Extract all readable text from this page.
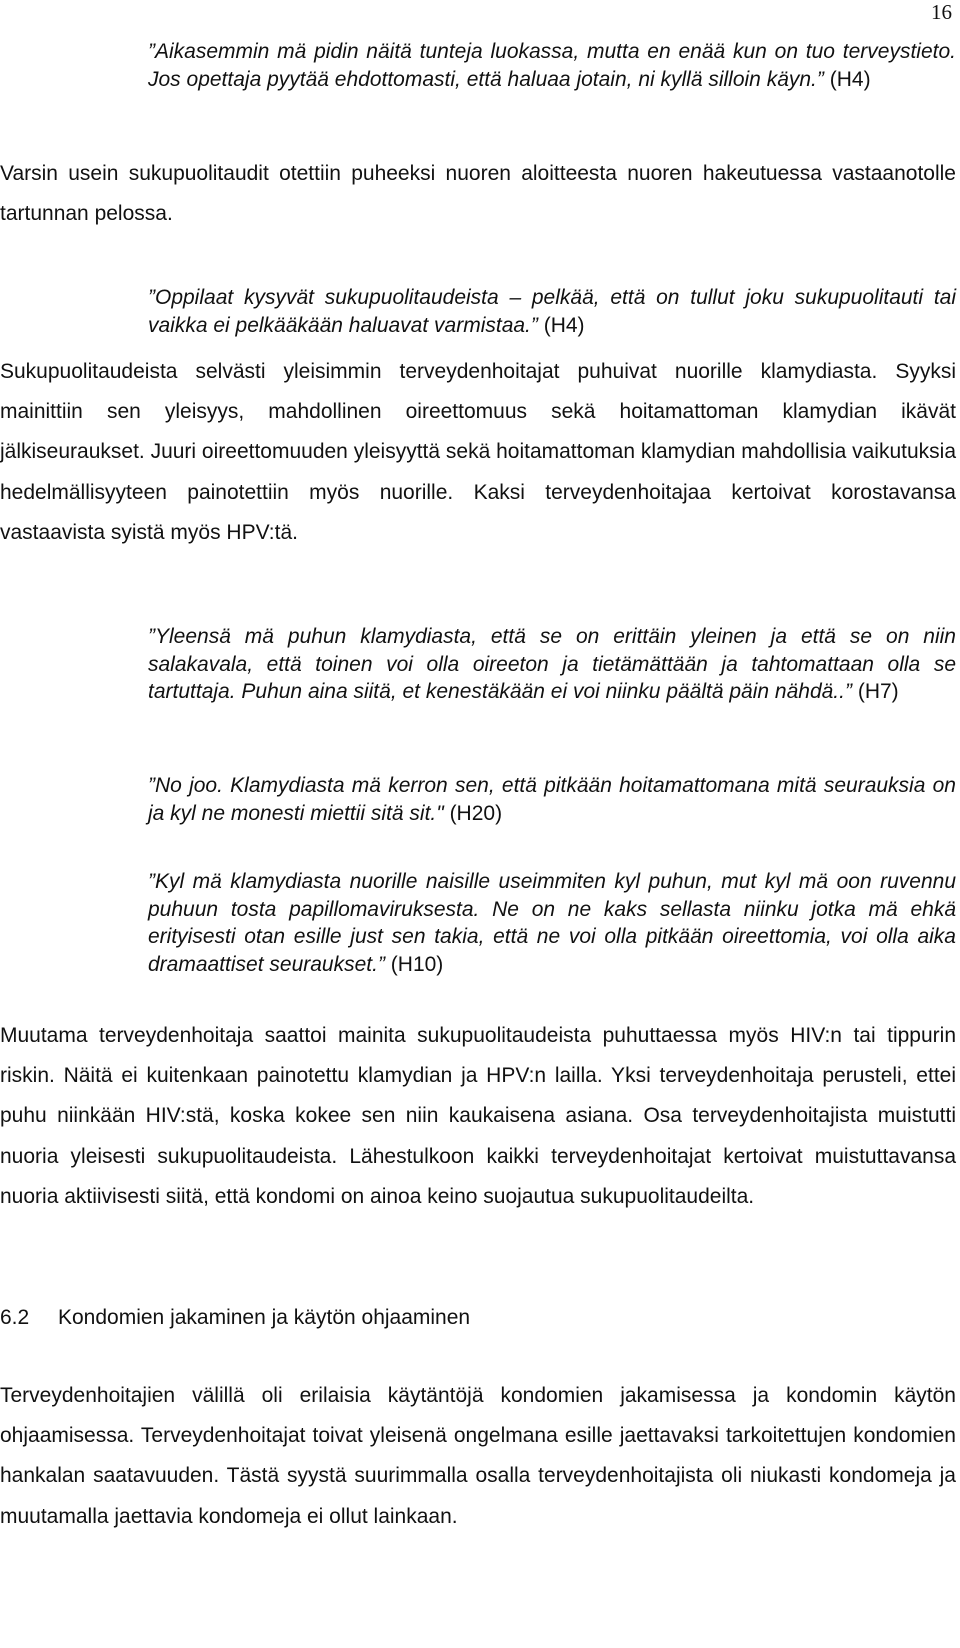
16

”Aikasemmin mä pidin näitä tunteja luokassa, mutta en enää kun on tuo terveystieto. Jos opettaja pyytää ehdottomasti, että haluaa jotain, ni kyllä silloin käyn.” (H4)

Varsin usein sukupuolitaudit otettiin puheeksi nuoren aloitteesta nuoren hakeutuessa vastaanotolle tartunnan pelossa.

”Oppilaat kysyvät sukupuolitaudeista – pelkää, että on tullut joku sukupuolitauti tai vaikka ei pelkääkään haluavat varmistaa.” (H4)

Sukupuolitaudeista selvästi yleisimmin terveydenhoitajat puhuivat nuorille klamydiasta. Syyksi mainittiin sen yleisyys, mahdollinen oireettomuus sekä hoitamattoman klamydian ikävät jälkiseuraukset. Juuri oireettomuuden yleisyyttä sekä hoitamattoman klamydian mahdollisia vaikutuksia hedelmällisyyteen painotettiin myös nuorille. Kaksi terveydenhoitajaa kertoivat korostavansa vastaavista syistä myös HPV:tä.

”Yleensä mä puhun klamydiasta, että se on erittäin yleinen ja että se on niin salakavala, että toinen voi olla oireeton ja tietämättään ja tahtomattaan olla se tartuttaja. Puhun aina siitä, et kenestäkään ei voi niinku päältä päin nähdä..” (H7)

”No joo. Klamydiasta mä kerron sen, että pitkään hoitamattomana mitä seurauksia on ja kyl ne monesti miettii sitä sit." (H20)

”Kyl mä klamydiasta nuorille naisille useimmiten kyl puhun, mut kyl mä oon ruvennu puhuun tosta papillomaviruksesta. Ne on ne kaks sellasta niinku jotka mä ehkä erityisesti otan esille just sen takia, että ne voi olla pitkään oireettomia, voi olla aika dramaattiset seuraukset.” (H10)

Muutama terveydenhoitaja saattoi mainita sukupuolitaudeista puhuttaessa myös HIV:n tai tippurin riskin. Näitä ei kuitenkaan painotettu klamydian ja HPV:n lailla. Yksi terveydenhoitaja perusteli, ettei puhu niinkään HIV:stä, koska kokee sen niin kaukaisena asiana. Osa terveydenhoitajista muistutti nuoria yleisesti sukupuolitaudeista. Lähestulkoon kaikki terveydenhoitajat kertoivat muistuttavansa nuoria aktiivisesti siitä, että kondomi on ainoa keino suojautua sukupuolitaudeilta.

6.2 Kondomien jakaminen ja käytön ohjaaminen

Terveydenhoitajien välillä oli erilaisia käytäntöjä kondomien jakamisessa ja kondomin käytön ohjaamisessa. Terveydenhoitajat toivat yleisenä ongelmana esille jaettavaksi tarkoitettujen kondomien hankalan saatavuuden. Tästä syystä suurimmalla osalla terveydenhoitajista oli niukasti kondomeja ja muutamalla jaettavia kondomeja ei ollut lainkaan.
